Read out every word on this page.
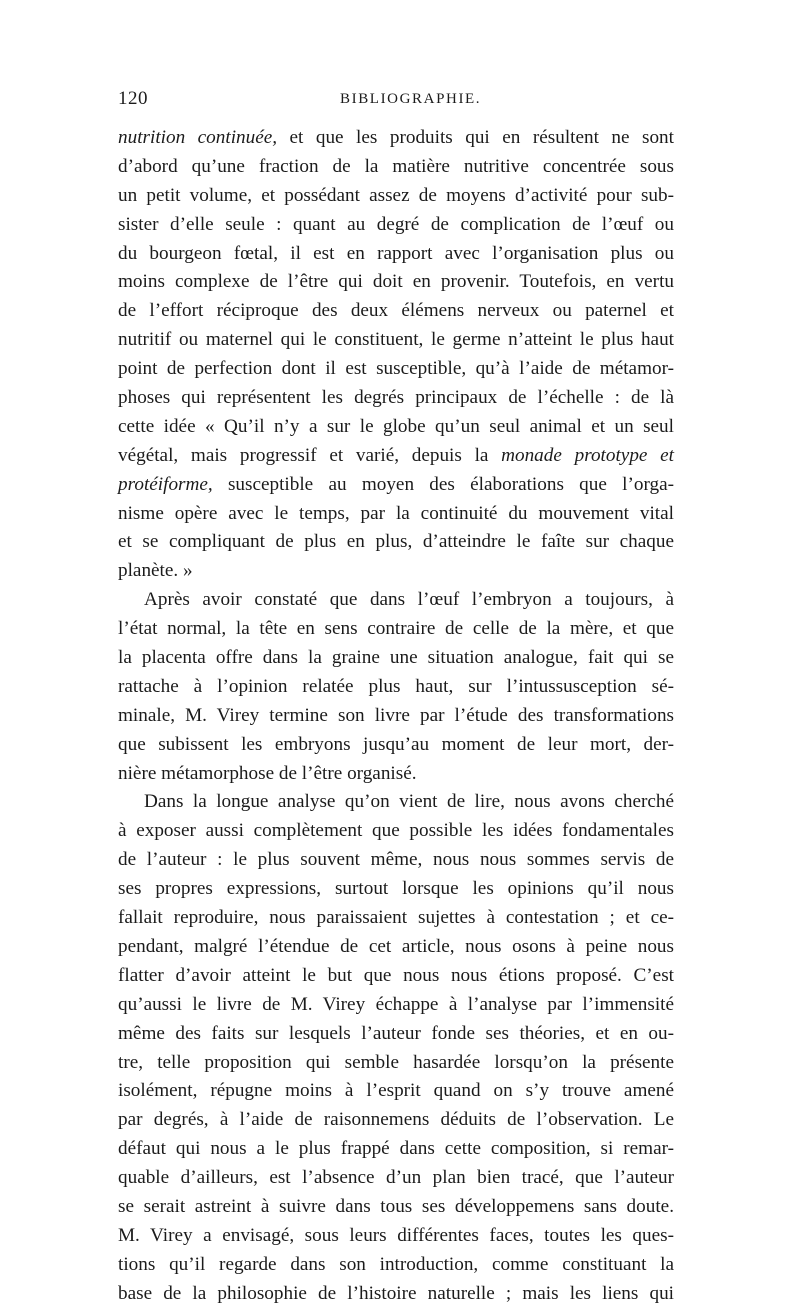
120	BIBLIOGRAPHIE.
nutrition continuée, et que les produits qui en résultent ne sont
d’abord qu’une fraction de la matière nutritive concentrée sous
un petit volume, et possédant assez de moyens d’activité pour sub-
sister d’elle seule : quant au degré de complication de l’œuf ou
du bourgeon fœtal, il est en rapport avec l’organisation plus ou
moins complexe de l’être qui doit en provenir. Toutefois, en vertu
de l’effort réciproque des deux élémens nerveux ou paternel et
nutritif ou maternel qui le constituent, le germe n’atteint le plus haut
point de perfection dont il est susceptible, qu’à l’aide de métamor-
phoses qui représentent les degrés principaux de l’échelle : de là
cette idée « Qu’il n’y a sur le globe qu’un seul animal et un seul
végétal, mais progressif et varié, depuis la monade prototype et
protéiforme, susceptible au moyen des élaborations que l’orga-
nisme opère avec le temps, par la continuité du mouvement vital
et se compliquant de plus en plus, d’atteindre le faîte sur chaque
planète. »
Après avoir constaté que dans l’œuf l’embryon a toujours, à
l’état normal, la tête en sens contraire de celle de la mère, et que
la placenta offre dans la graine une situation analogue, fait qui se
rattache à l’opinion relatée plus haut, sur l’intussusception sé-
minale, M. Virey termine son livre par l’étude des transformations
que subissent les embryons jusqu’au moment de leur mort, der-
nière métamorphose de l’être organisé.
Dans la longue analyse qu’on vient de lire, nous avons cherché
à exposer aussi complètement que possible les idées fondamentales
de l’auteur : le plus souvent même, nous nous sommes servis de
ses propres expressions, surtout lorsque les opinions qu’il nous
fallait reproduire, nous paraissaient sujettes à contestation ; et ce-
pendant, malgré l’étendue de cet article, nous osons à peine nous
flatter d’avoir atteint le but que nous nous étions proposé. C’est
qu’aussi le livre de M. Virey échappe à l’analyse par l’immensité
même des faits sur lesquels l’auteur fonde ses théories, et en ou-
tre, telle proposition qui semble hasardée lorsqu’on la présente
isolément, répugne moins à l’esprit quand on s’y trouve amené
par degrés, à l’aide de raisonnemens déduits de l’observation. Le
défaut qui nous a le plus frappé dans cette composition, si remar-
quable d’ailleurs, est l’absence d’un plan bien tracé, que l’auteur
se serait astreint à suivre dans tous ses développemens sans doute.
M. Virey a envisagé, sous leurs différentes faces, toutes les ques-
tions qu’il regarde dans son introduction, comme constituant la
base de la philosophie de l’histoire naturelle ; mais les liens qui
